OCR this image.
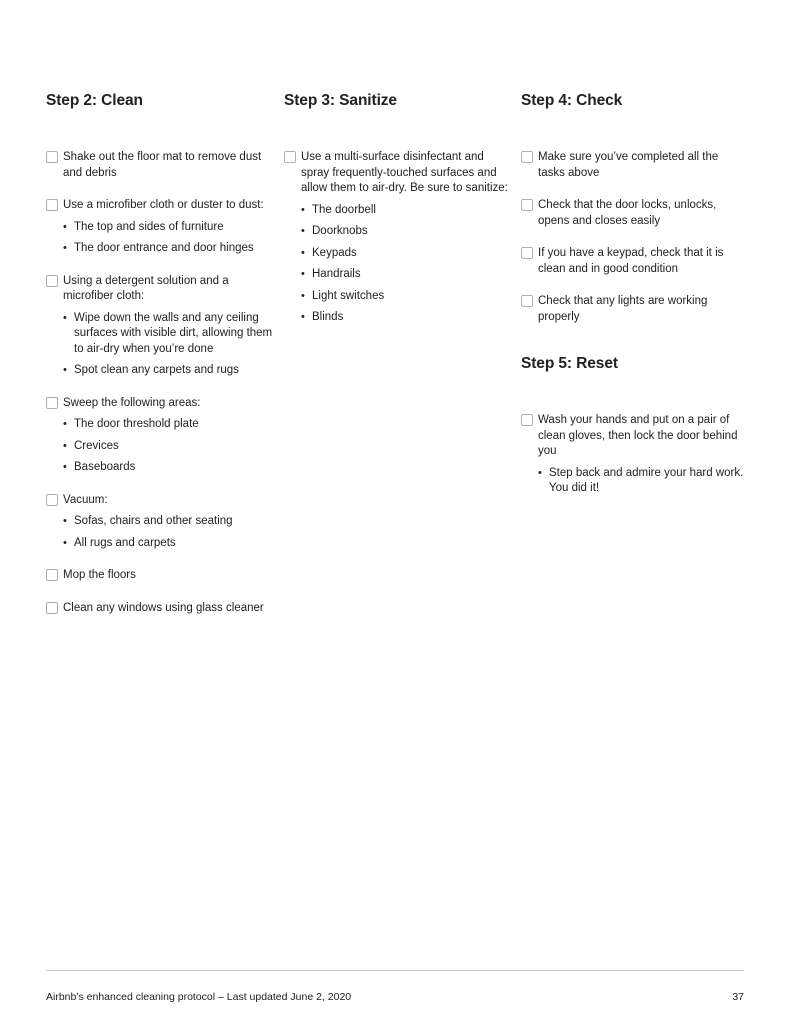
Step 2: Clean
Shake out the floor mat to remove dust and debris
Use a microfiber cloth or duster to dust:
• The top and sides of furniture
• The door entrance and door hinges
Using a detergent solution and a microfiber cloth:
• Wipe down the walls and any ceiling surfaces with visible dirt, allowing them to air-dry when you’re done
• Spot clean any carpets and rugs
Sweep the following areas:
• The door threshold plate
• Crevices
• Baseboards
Vacuum:
• Sofas, chairs and other seating
• All rugs and carpets
Mop the floors
Clean any windows using glass cleaner
Step 3: Sanitize
Use a multi-surface disinfectant and spray frequently-touched surfaces and allow them to air-dry. Be sure to sanitize:
• The doorbell
• Doorknobs
• Keypads
• Handrails
• Light switches
• Blinds
Step 4: Check
Make sure you’ve completed all the tasks above
Check that the door locks, unlocks, opens and closes easily
If you have a keypad, check that it is clean and in good condition
Check that any lights are working properly
Step 5: Reset
Wash your hands and put on a pair of clean gloves, then lock the door behind you
• Step back and admire your hard work. You did it!
Airbnb’s enhanced cleaning protocol – Last updated June 2, 2020	37
